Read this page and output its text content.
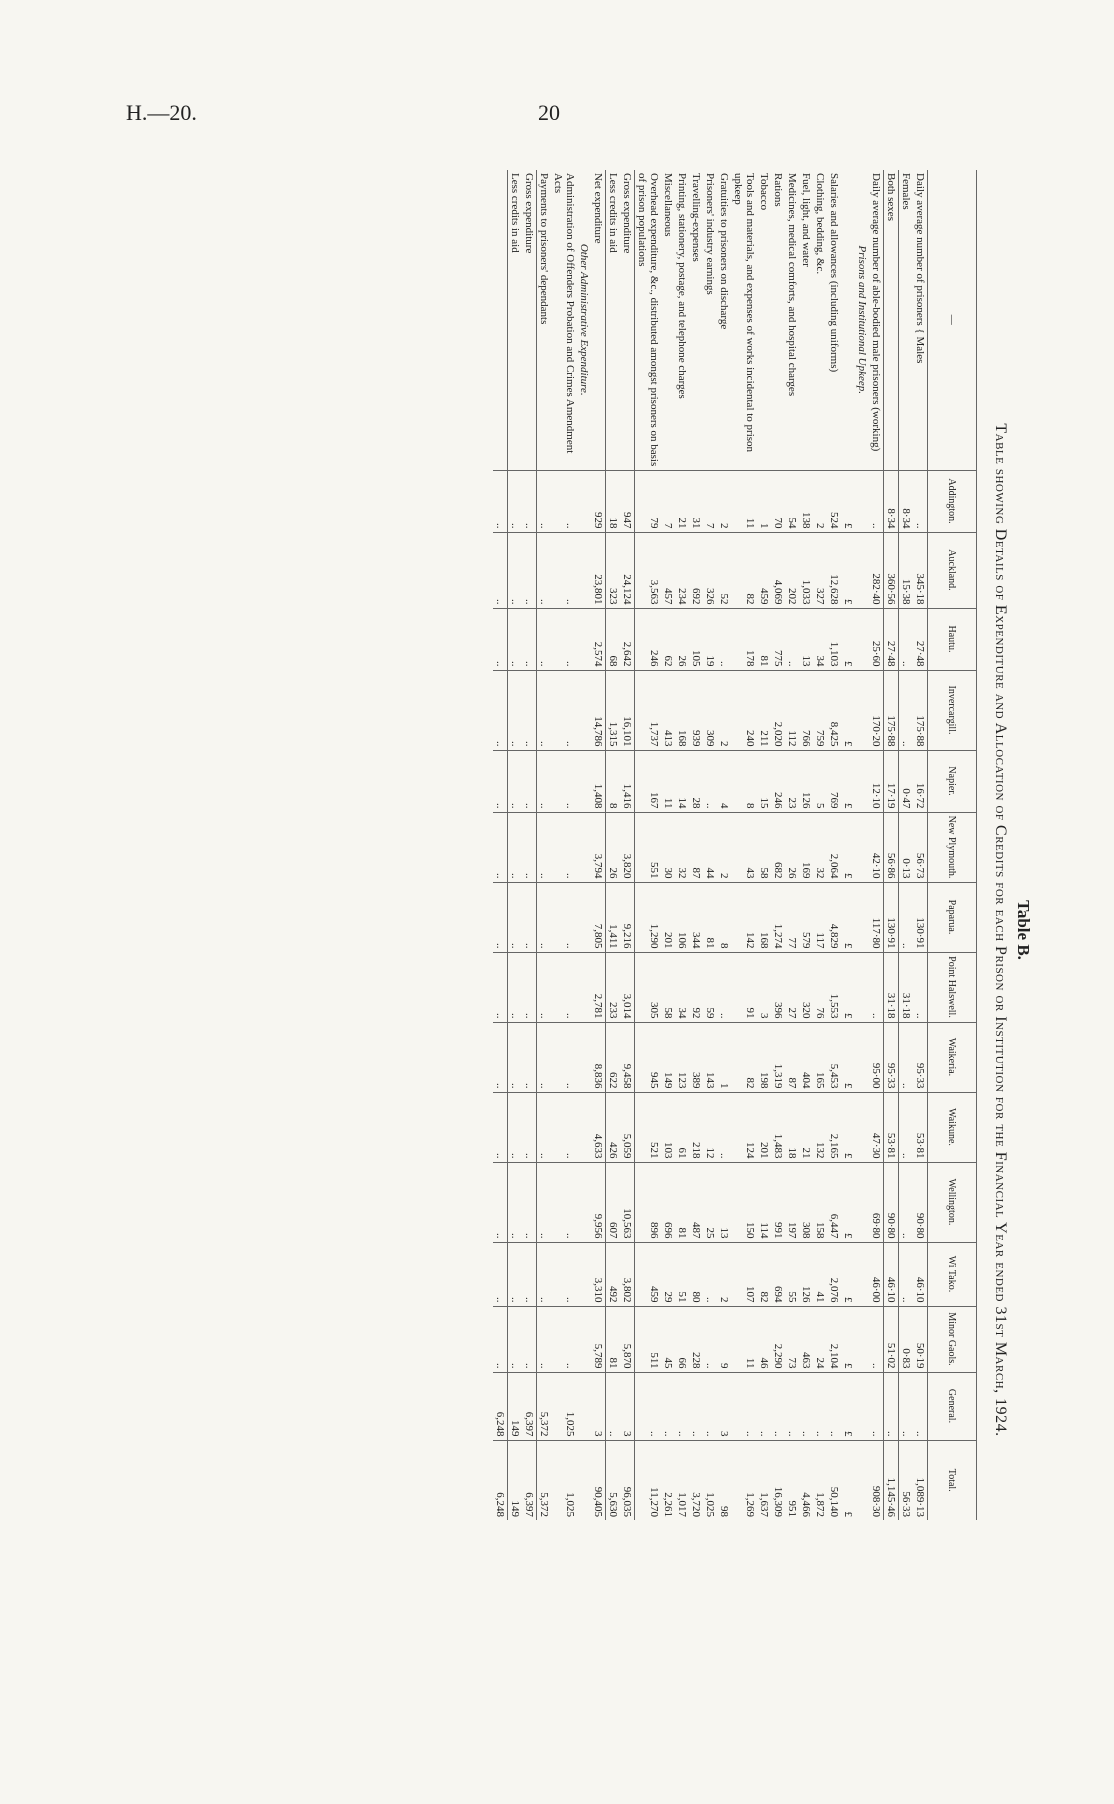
H.—20.	20
Table B.
Table showing Details of Expenditure and Allocation of Credits for each Prison or Institution for the Financial Year ended 31st March, 1924.
—	Addington.	Auckland.	Hautu.	Invercargill.	Napier.	New Plymouth.	Paparua.	Point Halswell.	Waikeria.	Waikune.	Wellington.	Wi Tako.	Minor Gaols.	General.	Total.
Daily average number of prisoners { Males	..	345·18	27·48	175·88	16·72	56·73	130·91	..	95·33	53·81	90·80	46·10	50·19	..	1,089·13
Females	8·34	15·38	..	..	0·47	0·13	..	31·18	..	..	..	..	0·83	..	56·33
Both sexes	8·34	360·56	27·48	175·88	17·19	56·86	130·91	31·18	95·33	53·81	90·80	46·10	51·02	..	1,145·46
Daily average number of able-bodied male prisoners (working)	..	282·40	25·60	170·20	12·10	42·10	117·80	..	95·00	47·30	69·80	46·00	..	..	908·30
Prisons and Institutional Upkeep.															
	£	£	£	£	£	£	£	£	£	£	£	£	£	£	£
Salaries and allowances (including uniforms)	524	12,628	1,103	8,425	769	2,064	4,829	1,553	5,453	2,165	6,447	2,076	2,104	..	50,140
Clothing, bedding, &c.	2	327	34	759	5	32	117	76	165	132	158	41	24	..	1,872
Fuel, light, and water	138	1,033	13	766	126	169	579	320	404	21	308	126	463	..	4,466
Medicines, medical comforts, and hospital charges	54	202	..	112	23	26	77	27	87	18	197	55	73	..	951
Rations	70	4,069	775	2,020	246	682	1,274	396	1,319	1,483	991	694	2,290	..	16,309
Tobacco	1	459	81	211	15	58	168	3	198	201	114	82	46	..	1,637
Tools and materials, and expenses of works incidental to prison upkeep	11	82	178	240	8	43	142	91	82	124	150	107	11	..	1,269
Gratuities to prisoners on discharge	2	52	..	2	4	2	8	..	1	..	13	2	9	3	98
Prisoners' industry earnings	7	326	19	309	..	44	81	59	143	12	25	..	..	..	1,025
Travelling-expenses	31	692	105	939	28	87	344	92	389	218	487	80	228	..	3,720
Printing, stationery, postage, and telephone charges	21	234	26	168	14	32	106	34	123	61	81	51	66	..	1,017
Miscellaneous	7	457	62	413	11	30	201	58	149	103	696	29	45	..	2,261
Overhead expenditure, &c., distributed amongst prisoners on basis of prison populations	79	3,563	246	1,737	167	551	1,290	305	945	521	896	459	511	..	11,270
Gross expenditure	947	24,124	2,642	16,101	1,416	3,820	9,216	3,014	9,458	5,059	10,563	3,802	5,870	3	96,035
Less credits in aid	18	323	68	1,315	8	26	1,411	233	622	426	607	492	81	..	5,630
Net expenditure	929	23,801	2,574	14,786	1,408	3,794	7,805	2,781	8,836	4,633	9,956	3,310	5,789	3	90,405
Other Administrative Expenditure.															
Administration of Offenders Probation and Crimes Amendment Acts	..	..	..	..	..	..	..	..	..	..	..	..	..	1,025	1,025
Payments to prisoners' dependants	..	..	..	..	..	..	..	..	..	..	..	..	..	5,372	5,372
Gross expenditure	..	..	..	..	..	..	..	..	..	..	..	..	..	6,397	6,397
Less credits in aid	..	..	..	..	..	..	..	..	..	..	..	..	..	149	149
	..	..	..	..	..	..	..	..	..	..	..	..	..	6,248	6,248
